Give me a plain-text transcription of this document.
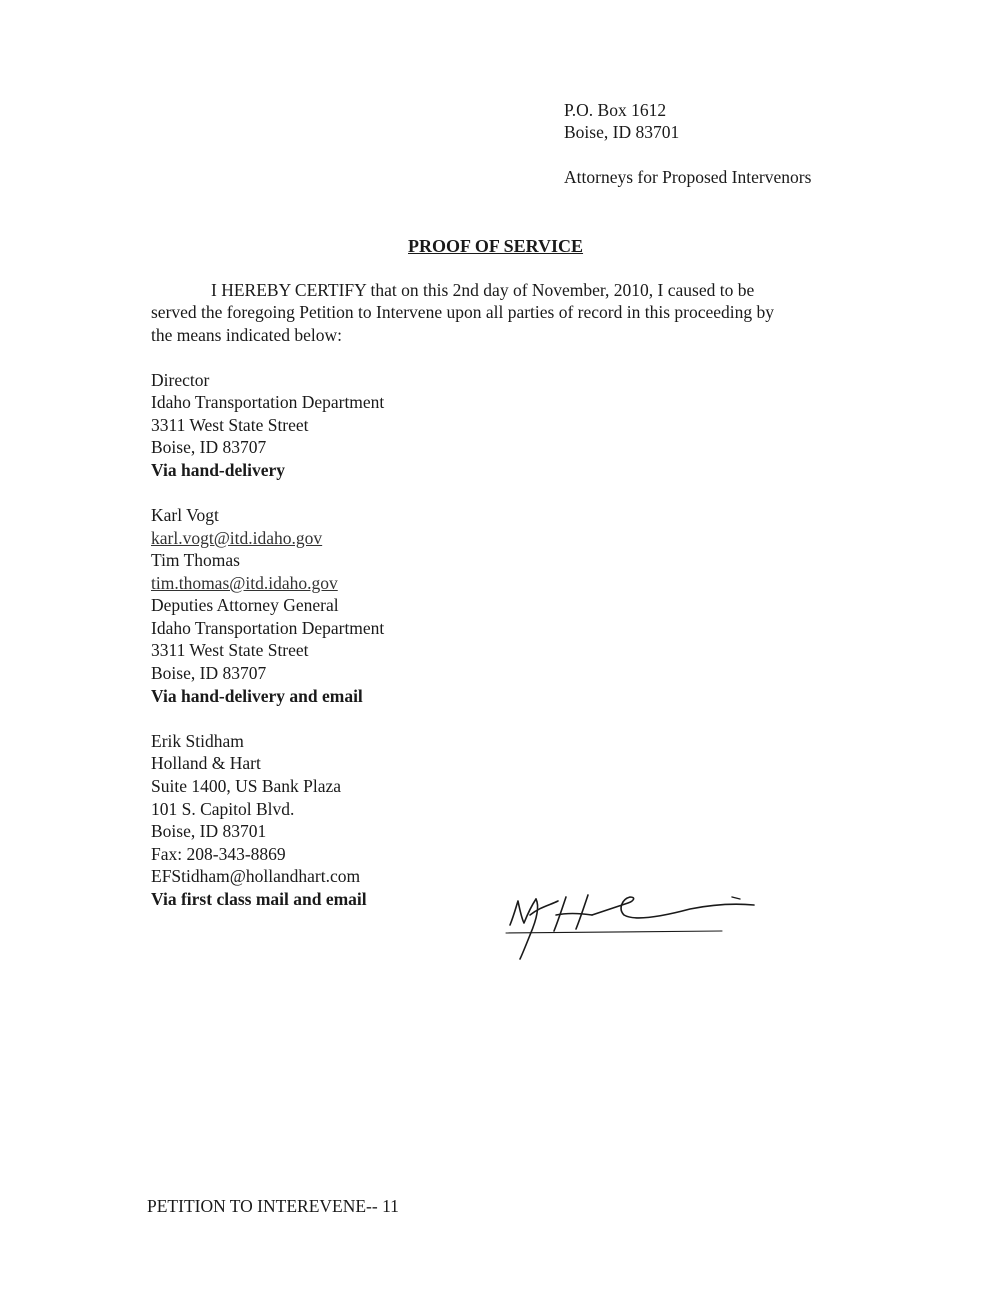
P.O. Box 1612
Boise, ID 83701
Attorneys for Proposed Intervenors
PROOF OF SERVICE
I HEREBY CERTIFY that on this 2nd day of November, 2010, I caused to be
served the foregoing Petition to Intervene upon all parties of record in this proceeding by
the means indicated below:
Director
Idaho Transportation Department
3311 West State Street
Boise, ID 83707
Via hand-delivery
Karl Vogt
karl.vogt@itd.idaho.gov
Tim Thomas
tim.thomas@itd.idaho.gov
Deputies Attorney General
Idaho Transportation Department
3311 West State Street
Boise, ID 83707
Via hand-delivery and email
Erik Stidham
Holland & Hart
Suite 1400, US Bank Plaza
101 S. Capitol Blvd.
Boise, ID 83701
Fax: 208-343-8869
EFStidham@hollandhart.com
Via first class mail and email
PETITION TO INTEREVENE-- 11
